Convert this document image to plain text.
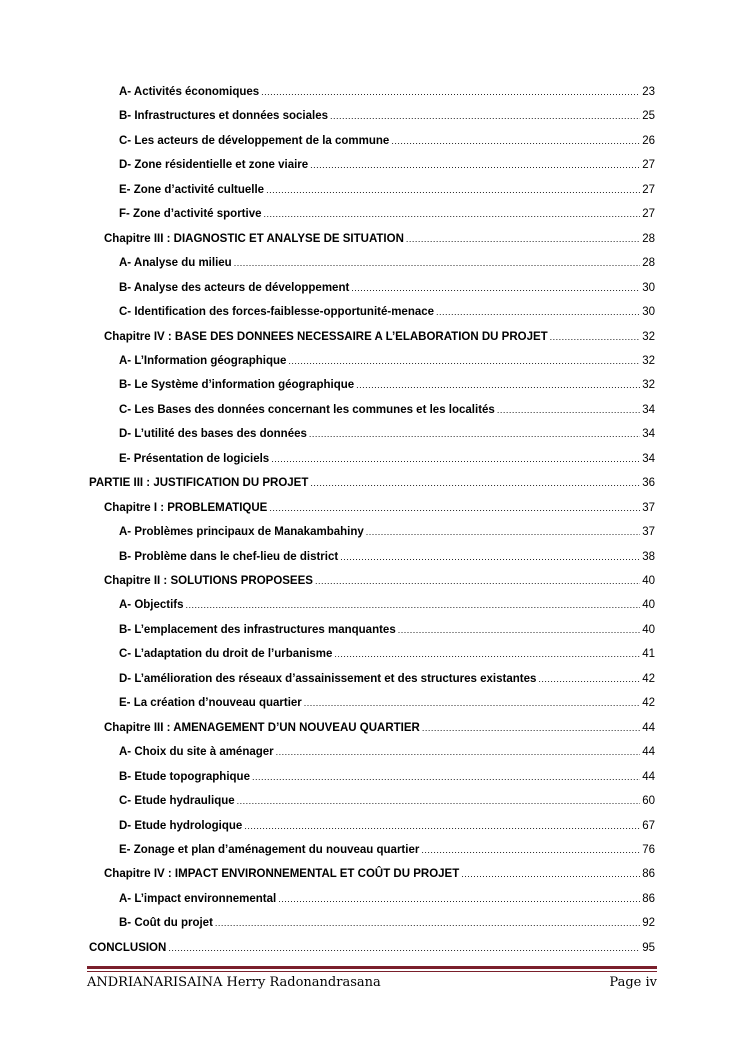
A- Activités économiques .....	23
B- Infrastructures et données sociales .....	25
C- Les acteurs de développement de la commune .....	26
D- Zone résidentielle et zone viaire .....	27
E- Zone d’activité cultuelle .....	27
F- Zone d’activité sportive .....	27
Chapitre III : DIAGNOSTIC ET ANALYSE DE SITUATION .....	28
A- Analyse du milieu .....	28
B- Analyse des acteurs de développement .....	30
C- Identification des forces-faiblesse-opportunité-menace .....	30
Chapitre IV : BASE DES DONNEES NECESSAIRE A L’ELABORATION DU PROJET .....	32
A- L’Information géographique .....	32
B- Le Système d’information géographique .....	32
C- Les Bases des données concernant les communes et les localités .....	34
D- L’utilité des bases des données .....	34
E- Présentation de logiciels .....	34
PARTIE III : JUSTIFICATION DU PROJET .....	36
Chapitre I : PROBLEMATIQUE .....	37
A- Problèmes principaux de Manakambahiny .....	37
B- Problème dans le chef-lieu de district .....	38
Chapitre II : SOLUTIONS PROPOSEES .....	40
A- Objectifs .....	40
B- L’emplacement des infrastructures manquantes .....	40
C- L’adaptation du droit de l’urbanisme .....	41
D- L’amélioration des réseaux d’assainissement et des structures existantes .....	42
E- La création d’nouveau quartier .....	42
Chapitre III : AMENAGEMENT D’UN NOUVEAU QUARTIER .....	44
A- Choix du site à aménager .....	44
B- Etude topographique .....	44
C- Etude hydraulique .....	60
D- Etude hydrologique .....	67
E- Zonage et plan d’aménagement du nouveau quartier .....	76
Chapitre IV : IMPACT ENVIRONNEMENTAL ET COÛT DU PROJET .....	86
A- L’impact environnemental .....	86
B- Coût du projet .....	92
CONCLUSION .....	95
ANDRIANARISAINA Herry Radonandrasana	Page iv
